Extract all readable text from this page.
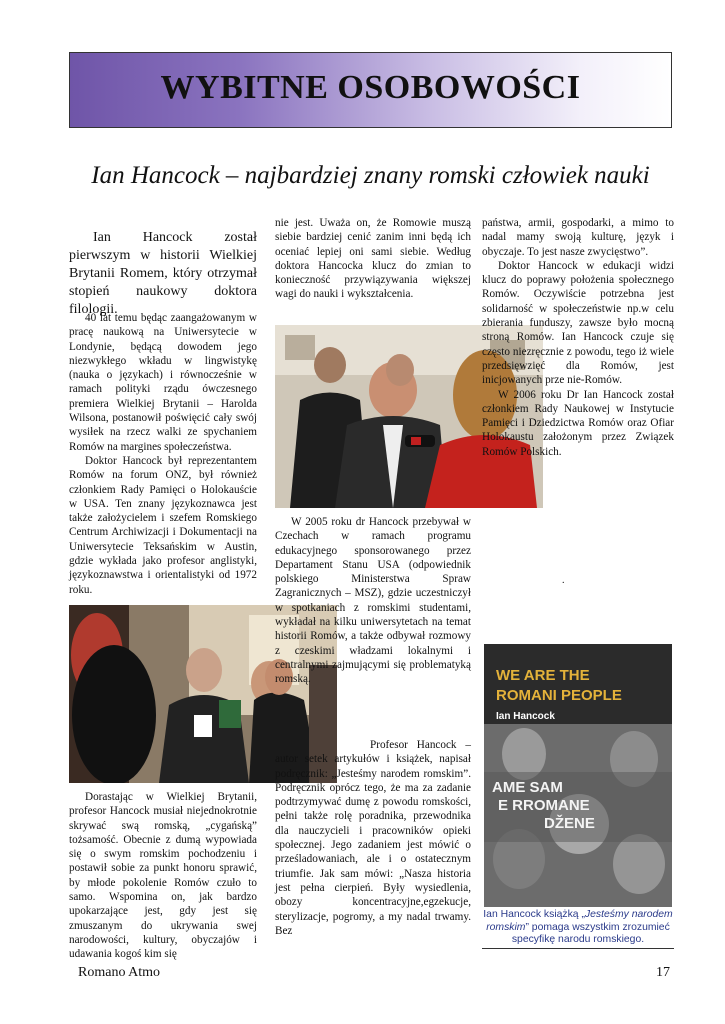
WYBITNE OSOBOWOŚCI
Ian Hancock – najbardziej znany romski człowiek nauki

Ian Hancock został pierwszym w historii Wielkiej Brytanii Romem, który otrzymał stopień naukowy doktora filologii.

40 lat temu będąc zaangażowanym w pracę naukową na Uniwersytecie w Londynie, będącą dowodem jego niezwykłego wkładu w lingwistykę (nauka o językach) i równocześnie w ramach polityki rządu ówczesnego premiera Wielkiej Brytanii – Harolda Wilsona, postanowił poświęcić cały swój wysiłek na rzecz walki ze spychaniem Romów na margines społeczeństwa.

Doktor Hancock był reprezentantem Romów na forum ONZ, był również członkiem Rady Pamięci o Holokauście w USA. Ten znany językoznawca jest także założycielem i szefem Romskiego Centrum Archiwizacji i Dokumentacji na Uniwersytecie Teksańskim w Austin, gdzie wykłada jako profesor anglistyki, językoznawstwa i orientalistyki od 1972 roku.

Dorastając w Wielkiej Brytanii, profesor Hancock musiał niejednokrotnie skrywać swą romską, „cygańską” tożsamość. Obecnie z dumą wypowiada się o swym romskim pochodzeniu i postawił sobie za punkt honoru sprawić, by młode pokolenie Romów czuło to samo. Wspomina on, jak bardzo upokarzające jest, gdy jest się zmuszanym do ukrywania swej narodowości, kultury, obyczajów i udawania kogoś kim się

nie jest. Uważa on, że Romowie muszą siebie bardziej cenić zanim inni będą ich oceniać lepiej oni sami siebie. Według doktora Hancocka klucz do zmian to konieczność przywiązywania większej wagi do nauki i wykształcenia.

W 2005 roku dr Hancock przebywał w Czechach w ramach programu edukacyjnego sponsorowanego przez Departament Stanu USA (odpowiednik polskiego Ministerstwa Spraw Zagranicznych – MSZ), gdzie uczestniczył w spotkaniach z romskimi studentami, wykładał na kilku uniwersytetach na temat historii Romów, a także odbywał rozmowy z czeskimi władzami lokalnymi i centralnymi zajmującymi się problematyką romską.

Profesor Hancock – autor setek artykułów i książek, napisał podręcznik: „Jesteśmy narodem romskim”. Podręcznik oprócz tego, że ma za zadanie podtrzymywać dumę z powodu romskości, pełni także rolę poradnika, przewodnika dla nauczycieli i pracowników opieki społecznej. Jego zadaniem jest mówić o prześladowaniach, ale i o ostatecznym triumfie. Jak sam mówi: „Nasza historia jest pełna cierpień. Były wysiedlenia, obozy koncentracyjne,egzekucje, sterylizacje, pogromy, a my nadal trwamy. Bez

państwa, armii, gospodarki, a mimo to nadal mamy swoją kulturę, język i obyczaje. To jest nasze zwycięstwo”.

Doktor Hancock w edukacji widzi klucz do poprawy położenia społecznego Romów. Oczywiście potrzebna jest solidarność w społeczeństwie np.w celu zbierania funduszy, zawsze było mocną stroną Romów. Ian Hancock czuje się często niezręcznie z powodu, tego iż wiele przedsięwzięć dla Romów, jest inicjowanych prze nie-Romów.

W 2006 roku Dr Ian Hancock został członkiem Rady Naukowej w Instytucie Pamięci i Dziedzictwa Romów oraz Ofiar Holokaustu założonym przez Związek Romów Polskich.

.
WE ARE THE
ROMANI PEOPLE
Ian Hancock
AME SAM
E RROMANE
DŽENE
Ian Hancock książką „Jesteśmy narodem romskim” pomaga wszystkim zrozumieć specyfikę narodu romskiego.
Romano Atmo	17
